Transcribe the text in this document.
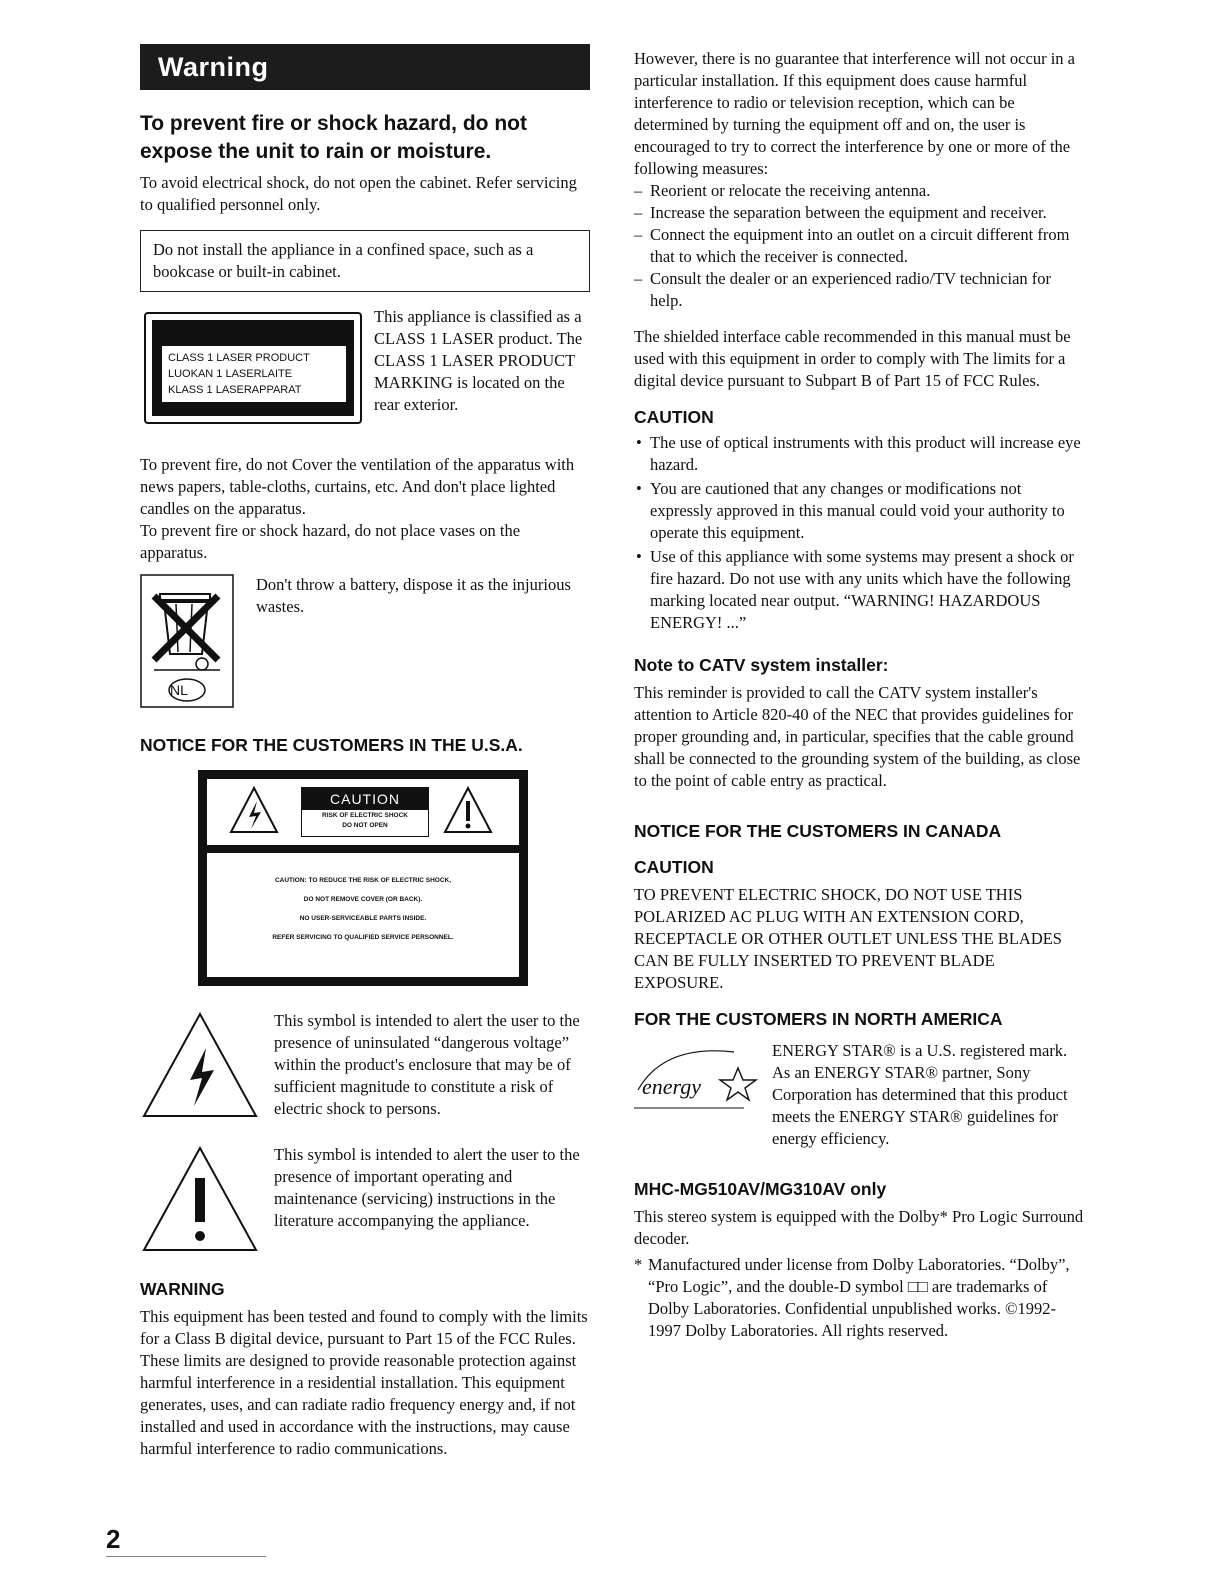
Warning
To prevent fire or shock hazard, do not expose the unit to rain or moisture.

To avoid electrical shock, do not open the cabinet. Refer servicing to qualified personnel only.

Do not install the appliance in a confined space, such as a bookcase or built-in cabinet.
CLASS 1 LASER PRODUCT
LUOKAN 1 LASERLAITE
KLASS 1 LASERAPPARAT
This appliance is classified as a CLASS 1 LASER product. The CLASS 1 LASER PRODUCT MARKING is located on the rear exterior.

To prevent fire, do not Cover the ventilation of the apparatus with news papers, table-cloths, curtains, etc. And don't place lighted candles on the apparatus.

To prevent fire or shock hazard, do not place vases on the apparatus.

NL
Don't throw a battery, dispose it as the injurious wastes.
NOTICE FOR THE CUSTOMERS IN THE U.S.A.
CAUTION
RISK OF ELECTRIC SHOCK
DO NOT OPEN
CAUTION: TO REDUCE THE RISK OF ELECTRIC SHOCK,
DO NOT REMOVE COVER (OR BACK).
NO USER-SERVICEABLE PARTS INSIDE.
REFER SERVICING TO QUALIFIED SERVICE PERSONNEL.
This symbol is intended to alert the user to the presence of uninsulated “dangerous voltage” within the product's enclosure that may be of sufficient magnitude to constitute a risk of electric shock to persons.
This symbol is intended to alert the user to the presence of important operating and maintenance (servicing) instructions in the literature accompanying the appliance.
WARNING

This equipment has been tested and found to comply with the limits for a Class B digital device, pursuant to Part 15 of the FCC Rules. These limits are designed to provide reasonable protection against harmful interference in a residential installation. This equipment generates, uses, and can radiate radio frequency energy and, if not installed and used in accordance with the instructions, may cause harmful interference to radio communications.

However, there is no guarantee that interference will not occur in a particular installation. If this equipment does cause harmful interference to radio or television reception, which can be determined by turning the equipment off and on, the user is encouraged to try to correct the interference by one or more of the following measures:

– Reorient or relocate the receiving antenna.
– Increase the separation between the equipment and receiver.
– Connect the equipment into an outlet on a circuit different from that to which the receiver is connected.
– Consult the dealer or an experienced radio/TV technician for help.

The shielded interface cable recommended in this manual must be used with this equipment in order to comply with The limits for a digital device pursuant to Subpart B of Part 15 of FCC Rules.

CAUTION
• The use of optical instruments with this product will increase eye hazard.
• You are cautioned that any changes or modifications not expressly approved in this manual could void your authority to operate this equipment.
• Use of this appliance with some systems may present a shock or fire hazard. Do not use with any units which have the following marking located near output. “WARNING! HAZARDOUS ENERGY! ...”
Note to CATV system installer:

This reminder is provided to call the CATV system installer's attention to Article 820-40 of the NEC that provides guidelines for proper grounding and, in particular, specifies that the cable ground shall be connected to the grounding system of the building, as close to the point of cable entry as practical.

NOTICE FOR THE CUSTOMERS IN CANADA
CAUTION

TO PREVENT ELECTRIC SHOCK, DO NOT USE THIS POLARIZED AC PLUG WITH AN EXTENSION CORD, RECEPTACLE OR OTHER OUTLET UNLESS THE BLADES CAN BE FULLY INSERTED TO PREVENT BLADE EXPOSURE.

FOR THE CUSTOMERS IN NORTH AMERICA
energy
ENERGY STAR® is a U.S. registered mark.
As an ENERGY STAR® partner, Sony Corporation has determined that this product meets the ENERGY STAR® guidelines for energy efficiency.
MHC-MG510AV/MG310AV only

This stereo system is equipped with the Dolby* Pro Logic Surround decoder.

* Manufactured under license from Dolby Laboratories. “Dolby”, “Pro Logic”, and the double-D symbol □□ are trademarks of Dolby Laboratories. Confidential unpublished works. ©1992-1997 Dolby Laboratories. All rights reserved.
2
